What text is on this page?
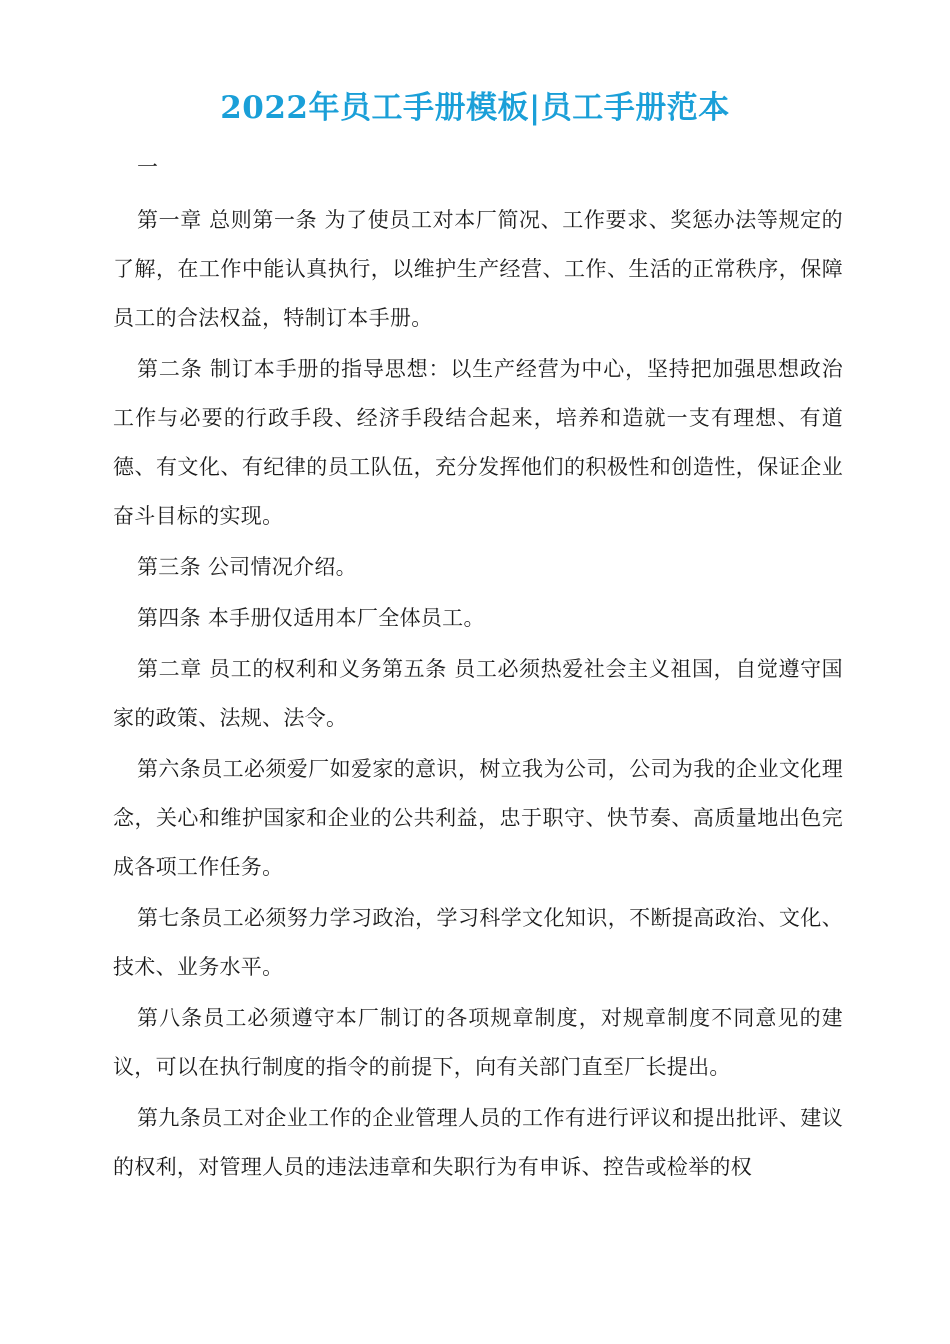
2022年员工手册模板|员工手册范本

一

第一章 总则第一条 为了使员工对本厂简况、工作要求、奖惩办法等规定的了解，在工作中能认真执行，以维护生产经营、工作、生活的正常秩序，保障员工的合法权益，特制订本手册。

第二条 制订本手册的指导思想：以生产经营为中心，坚持把加强思想政治工作与必要的行政手段、经济手段结合起来，培养和造就一支有理想、有道德、有文化、有纪律的员工队伍，充分发挥他们的积极性和创造性，保证企业奋斗目标的实现。

第三条 公司情况介绍。

第四条 本手册仅适用本厂全体员工。

第二章 员工的权利和义务第五条 员工必须热爱社会主义祖国，自觉遵守国家的政策、法规、法令。

第六条员工必须爱厂如爱家的意识，树立我为公司，公司为我的企业文化理念，关心和维护国家和企业的公共利益，忠于职守、快节奏、高质量地出色完成各项工作任务。

第七条员工必须努力学习政治，学习科学文化知识，不断提高政治、文化、技术、业务水平。

第八条员工必须遵守本厂制订的各项规章制度，对规章制度不同意见的建议，可以在执行制度的指令的前提下，向有关部门直至厂长提出。

第九条员工对企业工作的企业管理人员的工作有进行评议和提出批评、建议的权利，对管理人员的违法违章和失职行为有申诉、控告或检举的权
